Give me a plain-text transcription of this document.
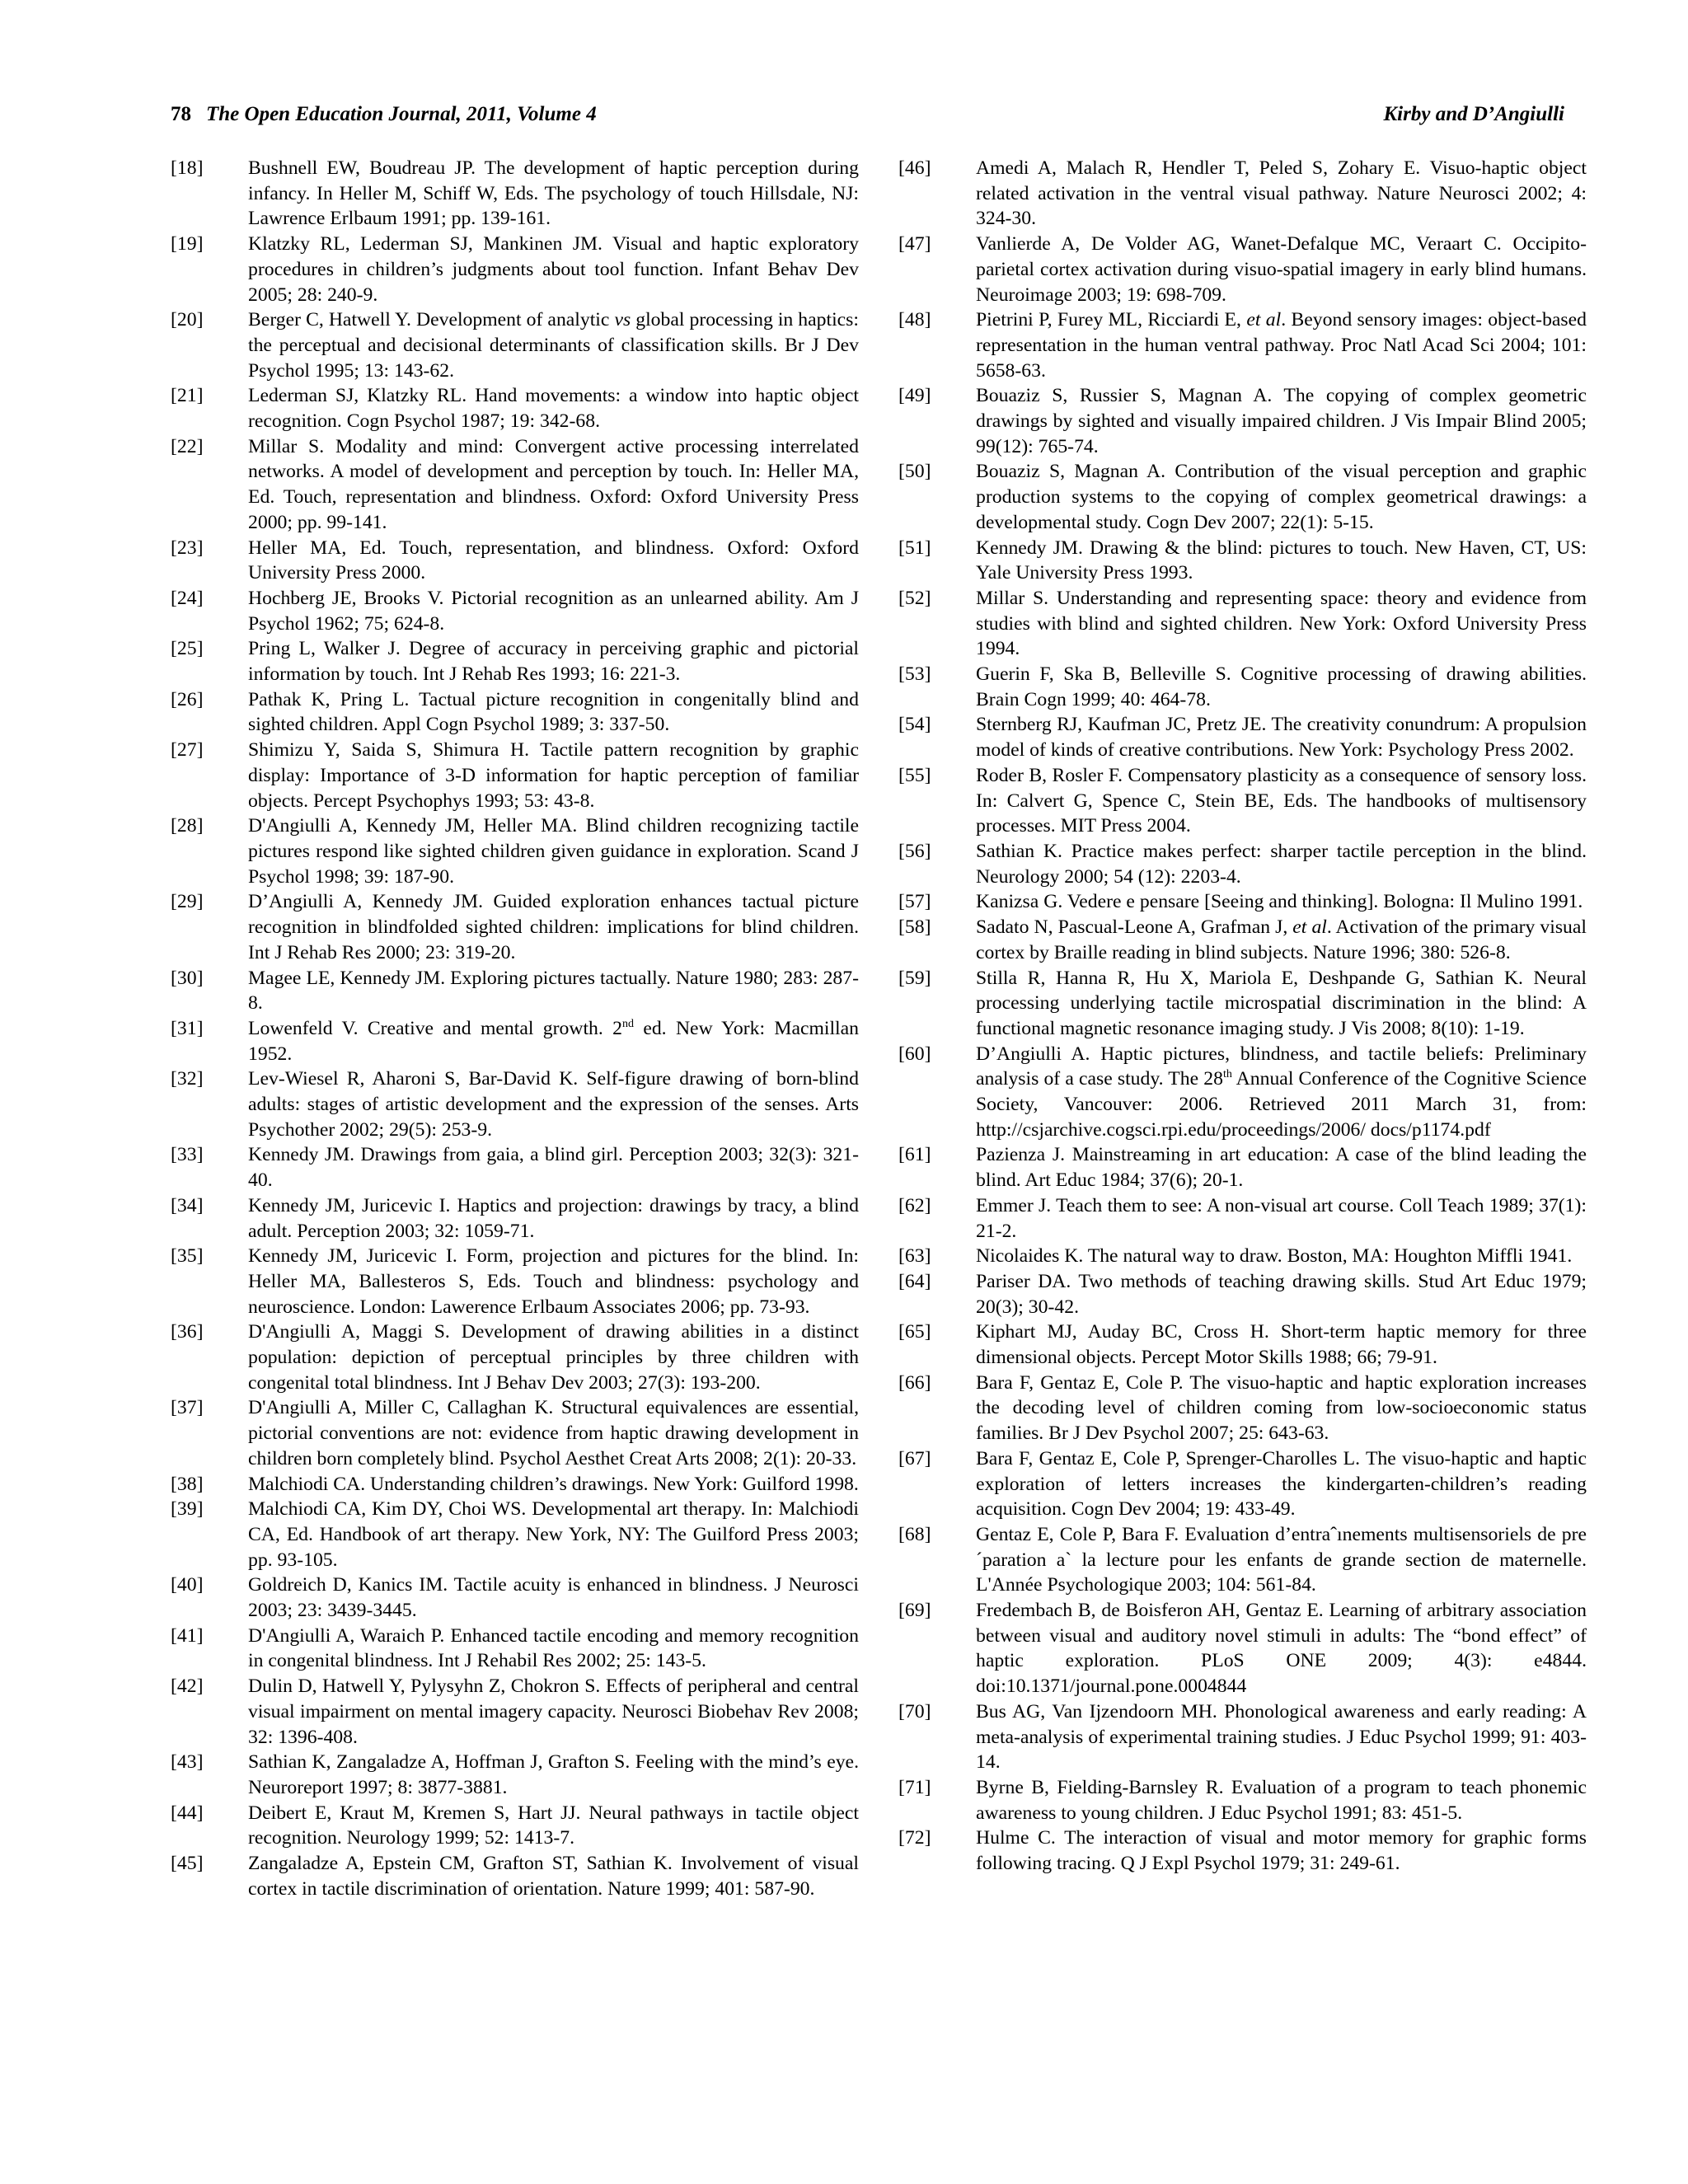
78 The Open Education Journal, 2011, Volume 4	Kirby and D’Angiulli
[18]	Bushnell EW, Boudreau JP. The development of haptic perception during infancy. In Heller M, Schiff W, Eds. The psychology of touch Hillsdale, NJ: Lawrence Erlbaum 1991; pp. 139-161.
[19]	Klatzky RL, Lederman SJ, Mankinen JM. Visual and haptic exploratory procedures in children’s judgments about tool function. Infant Behav Dev 2005; 28: 240-9.
[20]	Berger C, Hatwell Y. Development of analytic vs global processing in haptics: the perceptual and decisional determinants of classification skills. Br J Dev Psychol 1995; 13: 143-62.
[21]	Lederman SJ, Klatzky RL. Hand movements: a window into haptic object recognition. Cogn Psychol 1987; 19: 342-68.
[22]	Millar S. Modality and mind: Convergent active processing interrelated networks. A model of development and perception by touch. In: Heller MA, Ed. Touch, representation and blindness. Oxford: Oxford University Press 2000; pp. 99-141.
[23]	Heller MA, Ed. Touch, representation, and blindness. Oxford: Oxford University Press 2000.
[24]	Hochberg JE, Brooks V. Pictorial recognition as an unlearned ability. Am J Psychol 1962; 75; 624-8.
[25]	Pring L, Walker J. Degree of accuracy in perceiving graphic and pictorial information by touch. Int J Rehab Res 1993; 16: 221-3.
[26]	Pathak K, Pring L. Tactual picture recognition in congenitally blind and sighted children. Appl Cogn Psychol 1989; 3: 337-50.
[27]	Shimizu Y, Saida S, Shimura H. Tactile pattern recognition by graphic display: Importance of 3-D information for haptic perception of familiar objects. Percept Psychophys 1993; 53: 43-8.
[28]	D'Angiulli A, Kennedy JM, Heller MA. Blind children recognizing tactile pictures respond like sighted children given guidance in exploration. Scand J Psychol 1998; 39: 187-90.
[29]	D’Angiulli A, Kennedy JM. Guided exploration enhances tactual picture recognition in blindfolded sighted children: implications for blind children. Int J Rehab Res 2000; 23: 319-20.
[30]	Magee LE, Kennedy JM. Exploring pictures tactually. Nature 1980; 283: 287-8.
[31]	Lowenfeld V. Creative and mental growth. 2nd ed. New York: Macmillan 1952.
[32]	Lev-Wiesel R, Aharoni S, Bar-David K. Self-figure drawing of born-blind adults: stages of artistic development and the expression of the senses. Arts Psychother 2002; 29(5): 253-9.
[33]	Kennedy JM. Drawings from gaia, a blind girl. Perception 2003; 32(3): 321-40.
[34]	Kennedy JM, Juricevic I. Haptics and projection: drawings by tracy, a blind adult. Perception 2003; 32: 1059-71.
[35]	Kennedy JM, Juricevic I. Form, projection and pictures for the blind. In: Heller MA, Ballesteros S, Eds. Touch and blindness: psychology and neuroscience. London: Lawerence Erlbaum Associates 2006; pp. 73-93.
[36]	D'Angiulli A, Maggi S. Development of drawing abilities in a distinct population: depiction of perceptual principles by three children with congenital total blindness. Int J Behav Dev 2003; 27(3): 193-200.
[37]	D'Angiulli A, Miller C, Callaghan K. Structural equivalences are essential, pictorial conventions are not: evidence from haptic drawing development in children born completely blind. Psychol Aesthet Creat Arts 2008; 2(1): 20-33.
[38]	Malchiodi CA. Understanding children’s drawings. New York: Guilford 1998.
[39]	Malchiodi CA, Kim DY, Choi WS. Developmental art therapy. In: Malchiodi CA, Ed. Handbook of art therapy. New York, NY: The Guilford Press 2003; pp. 93-105.
[40]	Goldreich D, Kanics IM. Tactile acuity is enhanced in blindness. J Neurosci 2003; 23: 3439-3445.
[41]	D'Angiulli A, Waraich P. Enhanced tactile encoding and memory recognition in congenital blindness. Int J Rehabil Res 2002; 25: 143-5.
[42]	Dulin D, Hatwell Y, Pylysyhn Z, Chokron S. Effects of peripheral and central visual impairment on mental imagery capacity. Neurosci Biobehav Rev 2008; 32: 1396-408.
[43]	Sathian K, Zangaladze A, Hoffman J, Grafton S. Feeling with the mind’s eye. Neuroreport 1997; 8: 3877-3881.
[44]	Deibert E, Kraut M, Kremen S, Hart JJ. Neural pathways in tactile object recognition. Neurology 1999; 52: 1413-7.
[45]	Zangaladze A, Epstein CM, Grafton ST, Sathian K. Involvement of visual cortex in tactile discrimination of orientation. Nature 1999; 401: 587-90.
[46]	Amedi A, Malach R, Hendler T, Peled S, Zohary E. Visuo-haptic object related activation in the ventral visual pathway. Nature Neurosci 2002; 4: 324-30.
[47]	Vanlierde A, De Volder AG, Wanet-Defalque MC, Veraart C. Occipito-parietal cortex activation during visuo-spatial imagery in early blind humans. Neuroimage 2003; 19: 698-709.
[48]	Pietrini P, Furey ML, Ricciardi E, et al. Beyond sensory images: object-based representation in the human ventral pathway. Proc Natl Acad Sci 2004; 101: 5658-63.
[49]	Bouaziz S, Russier S, Magnan A. The copying of complex geometric drawings by sighted and visually impaired children. J Vis Impair Blind 2005; 99(12): 765-74.
[50]	Bouaziz S, Magnan A. Contribution of the visual perception and graphic production systems to the copying of complex geometrical drawings: a developmental study. Cogn Dev 2007; 22(1): 5-15.
[51]	Kennedy JM. Drawing & the blind: pictures to touch. New Haven, CT, US: Yale University Press 1993.
[52]	Millar S. Understanding and representing space: theory and evidence from studies with blind and sighted children. New York: Oxford University Press 1994.
[53]	Guerin F, Ska B, Belleville S. Cognitive processing of drawing abilities. Brain Cogn 1999; 40: 464-78.
[54]	Sternberg RJ, Kaufman JC, Pretz JE. The creativity conundrum: A propulsion model of kinds of creative contributions. New York: Psychology Press 2002.
[55]	Roder B, Rosler F. Compensatory plasticity as a consequence of sensory loss. In: Calvert G, Spence C, Stein BE, Eds. The handbooks of multisensory processes. MIT Press 2004.
[56]	Sathian K. Practice makes perfect: sharper tactile perception in the blind. Neurology 2000; 54 (12): 2203-4.
[57]	Kanizsa G. Vedere e pensare [Seeing and thinking]. Bologna: Il Mulino 1991.
[58]	Sadato N, Pascual-Leone A, Grafman J, et al. Activation of the primary visual cortex by Braille reading in blind subjects. Nature 1996; 380: 526-8.
[59]	Stilla R, Hanna R, Hu X, Mariola E, Deshpande G, Sathian K. Neural processing underlying tactile microspatial discrimination in the blind: A functional magnetic resonance imaging study. J Vis 2008; 8(10): 1-19.
[60]	D’Angiulli A. Haptic pictures, blindness, and tactile beliefs: Preliminary analysis of a case study. The 28th Annual Conference of the Cognitive Science Society, Vancouver: 2006. Retrieved 2011 March 31, from: http://csjarchive.cogsci.rpi.edu/proceedings/2006/ docs/p1174.pdf
[61]	Pazienza J. Mainstreaming in art education: A case of the blind leading the blind. Art Educ 1984; 37(6); 20-1.
[62]	Emmer J. Teach them to see: A non-visual art course. Coll Teach 1989; 37(1): 21-2.
[63]	Nicolaides K. The natural way to draw. Boston, MA: Houghton Miffli 1941.
[64]	Pariser DA. Two methods of teaching drawing skills. Stud Art Educ 1979; 20(3); 30-42.
[65]	Kiphart MJ, Auday BC, Cross H. Short-term haptic memory for three dimensional objects. Percept Motor Skills 1988; 66; 79-91.
[66]	Bara F, Gentaz E, Cole P. The visuo-haptic and haptic exploration increases the decoding level of children coming from low-socioeconomic status families. Br J Dev Psychol 2007; 25: 643-63.
[67]	Bara F, Gentaz E, Cole P, Sprenger-Charolles L. The visuo-haptic and haptic exploration of letters increases the kindergarten-children’s reading acquisition. Cogn Dev 2004; 19: 433-49.
[68]	Gentaz E, Cole P, Bara F. Evaluation d’entraˆınements multisensoriels de pre´paration a` la lecture pour les enfants de grande section de maternelle. L'Année Psychologique 2003; 104: 561-84.
[69]	Fredembach B, de Boisferon AH, Gentaz E. Learning of arbitrary association between visual and auditory novel stimuli in adults: The “bond effect” of haptic exploration. PLoS ONE 2009; 4(3): e4844. doi:10.1371/journal.pone.0004844
[70]	Bus AG, Van Ijzendoorn MH. Phonological awareness and early reading: A meta-analysis of experimental training studies. J Educ Psychol 1999; 91: 403-14.
[71]	Byrne B, Fielding-Barnsley R. Evaluation of a program to teach phonemic awareness to young children. J Educ Psychol 1991; 83: 451-5.
[72]	Hulme C. The interaction of visual and motor memory for graphic forms following tracing. Q J Expl Psychol 1979; 31: 249-61.
